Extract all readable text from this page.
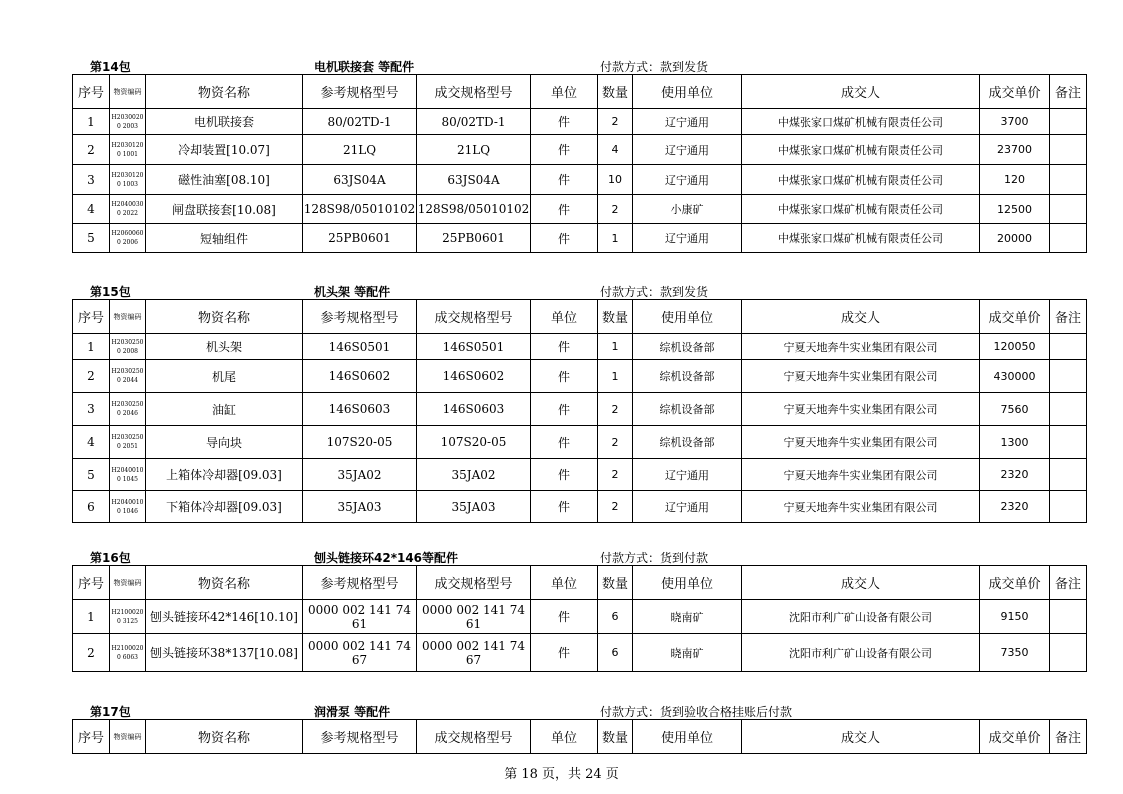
第14包	电机联接套 等配件	付款方式：款到发货
序号	物资编码	物资名称	参考规格型号	成交规格型号	单位	数量	使用单位	成交人	成交单价	备注
1	H20300200 2003	电机联接套	80/02TD-1	80/02TD-1	件	2	辽宁通用	中煤张家口煤矿机械有限责任公司	3700	
2	H20301200 1001	冷却装置[10.07]	21LQ	21LQ	件	4	辽宁通用	中煤张家口煤矿机械有限责任公司	23700	
3	H20301200 1003	磁性油塞[08.10]	63JS04A	63JS04A	件	10	辽宁通用	中煤张家口煤矿机械有限责任公司	120	
4	H20400300 2022	闸盘联接套[10.08]	128S98/05010102	128S98/05010102	件	2	小康矿	中煤张家口煤矿机械有限责任公司	12500	
5	H20600600 2006	短轴组件	25PB0601	25PB0601	件	1	辽宁通用	中煤张家口煤矿机械有限责任公司	20000	
第15包	机头架 等配件	付款方式：款到发货
序号	物资编码	物资名称	参考规格型号	成交规格型号	单位	数量	使用单位	成交人	成交单价	备注
1	H20302500 2008	机头架	146S0501	146S0501	件	1	综机设备部	宁夏天地奔牛实业集团有限公司	120050	
2	H20302500 2044	机尾	146S0602	146S0602	件	1	综机设备部	宁夏天地奔牛实业集团有限公司	430000	
3	H20302500 2046	油缸	146S0603	146S0603	件	2	综机设备部	宁夏天地奔牛实业集团有限公司	7560	
4	H20302500 2051	导向块	107S20-05	107S20-05	件	2	综机设备部	宁夏天地奔牛实业集团有限公司	1300	
5	H20400100 1045	上箱体冷却器[09.03]	35JA02	35JA02	件	2	辽宁通用	宁夏天地奔牛实业集团有限公司	2320	
6	H20400100 1046	下箱体冷却器[09.03]	35JA03	35JA03	件	2	辽宁通用	宁夏天地奔牛实业集团有限公司	2320	
第16包	刨头链接环42*146等配件	付款方式：货到付款
序号	物资编码	物资名称	参考规格型号	成交规格型号	单位	数量	使用单位	成交人	成交单价	备注
1	H21000200 3125	刨头链接环42*146[10.10]	0000 002 141 74 61	0000 002 141 74 61	件	6	晓南矿	沈阳市利广矿山设备有限公司	9150	
2	H21000200 6063	刨头链接环38*137[10.08]	0000 002 141 74 67	0000 002 141 74 67	件	6	晓南矿	沈阳市利广矿山设备有限公司	7350	
第17包	润滑泵 等配件	付款方式：货到验收合格挂账后付款
序号	物资编码	物资名称	参考规格型号	成交规格型号	单位	数量	使用单位	成交人	成交单价	备注
第 18 页，共 24 页
